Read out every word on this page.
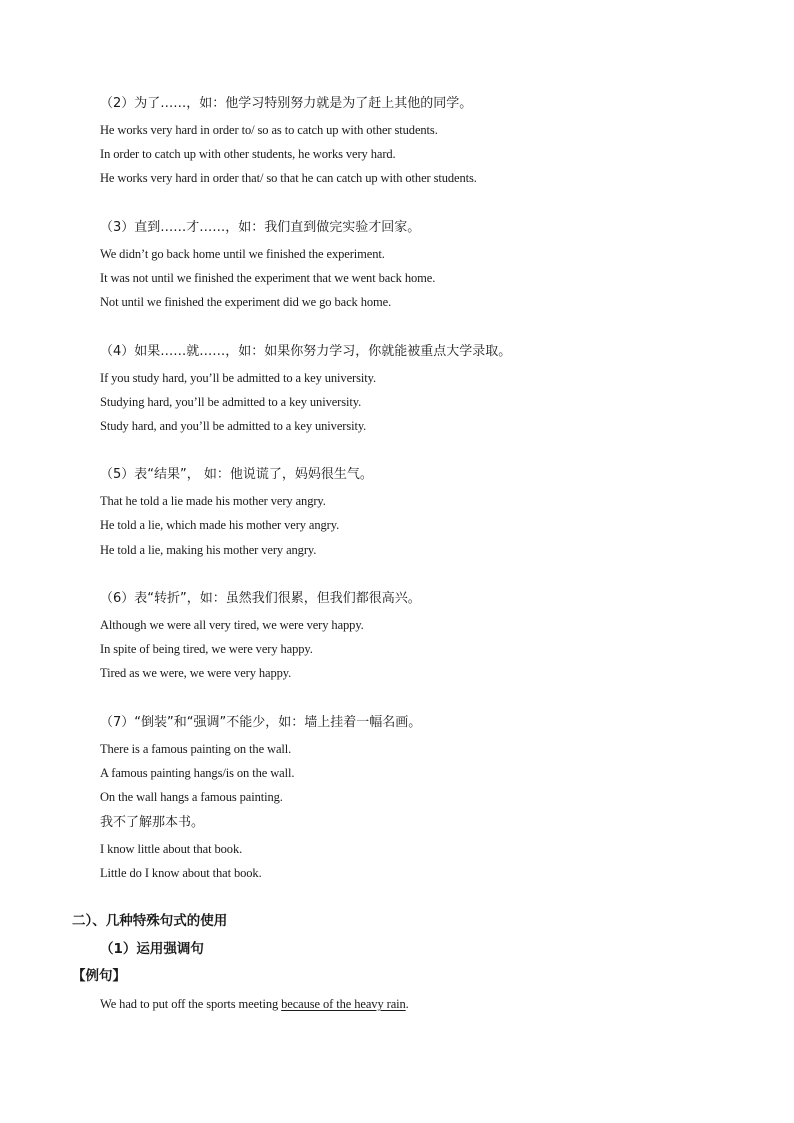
（2）为了……，如：他学习特别努力就是为了赶上其他的同学。
He works very hard in order to/ so as to catch up with other students.
In order to catch up with other students, he works very hard.
He works very hard in order that/ so that he can catch up with other students.
（3）直到……才……，如：我们直到做完实验才回家。
We didn’t go back home until we finished the experiment.
It was not until we finished the experiment that we went back home.
Not until we finished the experiment did we go back home.
（4）如果……就……，如：如果你努力学习，你就能被重点大学录取。
If you study hard, you’ll be admitted to a key university.
Studying hard, you’ll be admitted to a key university.
Study hard, and you’ll be admitted to a key university.
（5）表“结果”， 如：他说谎了，妈妈很生气。
That he told a lie made his mother very angry.
He told a lie, which made his mother very angry.
He told a lie, making his mother very angry.
（6）表“转折”，如：虽然我们很累，但我们都很高兴。
Although we were all very tired, we were very happy.
In spite of being tired, we were very happy.
Tired as we were, we were very happy.
（7）“倒装”和“强调”不能少，如：墙上挂着一幅名画。
There is a famous painting on the wall.
A famous painting hangs/is on the wall.
On the wall hangs a famous painting.
我不了解那本书。
I know little about that book.
Little do I know about that book.
二）、几种特殊句式的使用
（1）运用强调句
【例句】
We had to put off the sports meeting because of the heavy rain.
